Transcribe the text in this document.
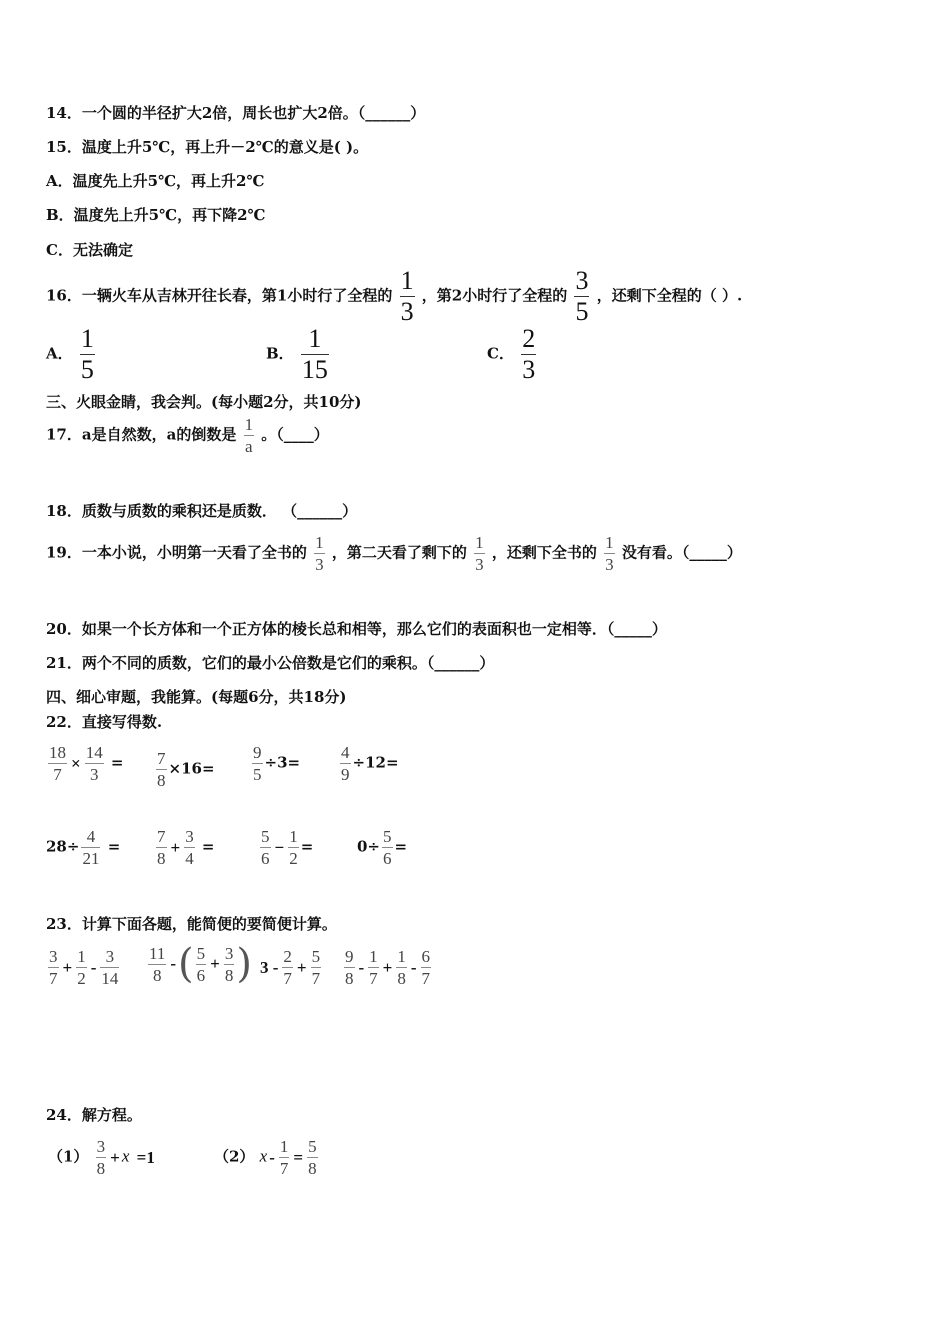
14．一个圆的半径扩大2倍，周长也扩大2倍。（______）
15．温度上升5℃，再上升－2℃的意义是( )。
A．温度先上升5℃，再上升2℃
B．温度先上升5℃，再下降2℃
C．无法确定
16．一辆火车从吉林开往长春，第1小时行了全程的 $\frac{1}{3}$ ，第2小时行了全程的 $\frac{3}{5}$ ，还剩下全程的（ ）.
A． $\frac{1}{5}$	B． $\frac{1}{15}$	C． $\frac{2}{3}$
三、火眼金睛，我会判。(每小题2分，共10分)
17．a是自然数，a的倒数是 $\frac{1}{a}$ 。（____）
18．质数与质数的乘积还是质数． （______）
19．一本小说，小明第一天看了全书的 $\frac{1}{3}$ ，第二天看了剩下的 $\frac{1}{3}$ ，还剩下全书的 $\frac{1}{3}$ 没有看。（_____）
20．如果一个长方体和一个正方体的棱长总和相等，那么它们的表面积也一定相等．（_____）
21．两个不同的质数，它们的最小公倍数是它们的乘积。（______）
四、细心审题，我能算。(每题6分，共18分)
22．直接写得数.
$\frac{18}{7} \times \frac{14}{3} = \frac{7}{8} \times 16= \frac{9}{5} \div 3= \frac{4}{9} \div 12=$
$28\div \frac{4}{21} = \frac{7}{8} + \frac{3}{4}$ =	$\frac{5}{6} - \frac{1}{2}$ =	$0\div \frac{5}{6}$ =
23．计算下面各题，能简便的要简便计算。
$\frac{3}{7} + \frac{1}{2} - \frac{3}{14} \frac{11}{8}$ -( $\frac{5}{6} + \frac{3}{8}$ ) $3 - \frac{2}{7} + \frac{5}{7} \frac{9}{8} - \frac{1}{7} + \frac{1}{8} - \frac{6}{7}$
24．解方程。
$(1) \frac{3}{8} + x =1$	（2） $x - \frac{1}{7} = \frac{5}{8}$
